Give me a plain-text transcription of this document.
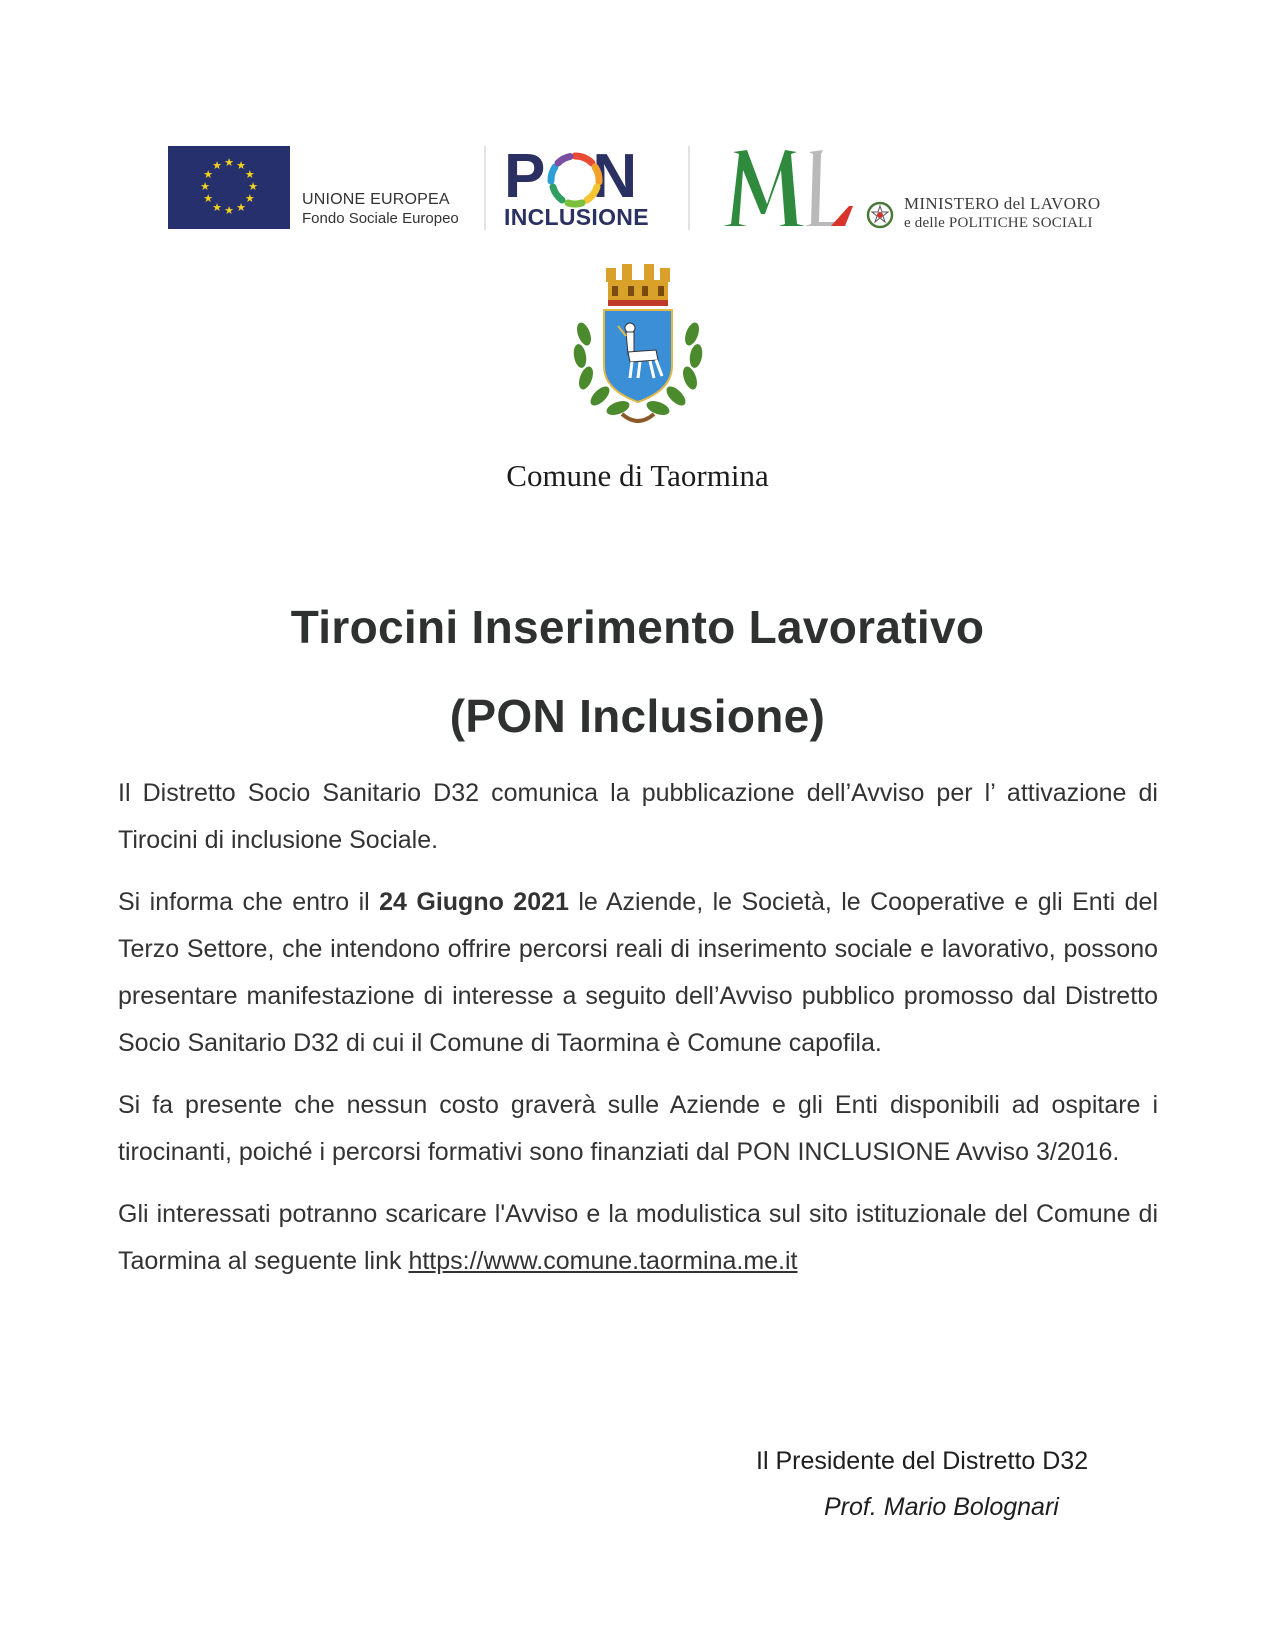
★ ★
★
★
★
★
★
★
★
★
★
★
UNIONE EUROPEA
Fondo Sociale Europeo
P N
INCLUSIONE
MINISTERO del LAVORO
e delle POLITICHE SOCIALI
Comune di Taormina
Tirocini Inserimento Lavorativo
(PON Inclusione)

Il Distretto Socio Sanitario D32 comunica la pubblicazione dell’Avviso per l’ attivazione di Tirocini di inclusione Sociale.

Si informa che entro il 24 Giugno 2021 le Aziende, le Società, le Cooperative e gli Enti del Terzo Settore, che intendono offrire percorsi reali di inserimento sociale e lavorativo, possono presentare manifestazione di interesse a seguito dell’Avviso pubblico promosso dal Distretto Socio Sanitario D32 di cui il Comune di Taormina è Comune capofila.

Si fa presente che nessun costo graverà sulle Aziende e gli Enti disponibili ad ospitare i tirocinanti, poiché i percorsi formativi sono finanziati dal PON INCLUSIONE Avviso 3/2016.

Gli interessati potranno scaricare l'Avviso e la modulistica sul sito istituzionale del Comune di Taormina al seguente link https://www.comune.taormina.me.it

Il Presidente del Distretto D32
Prof. Mario Bolognari
